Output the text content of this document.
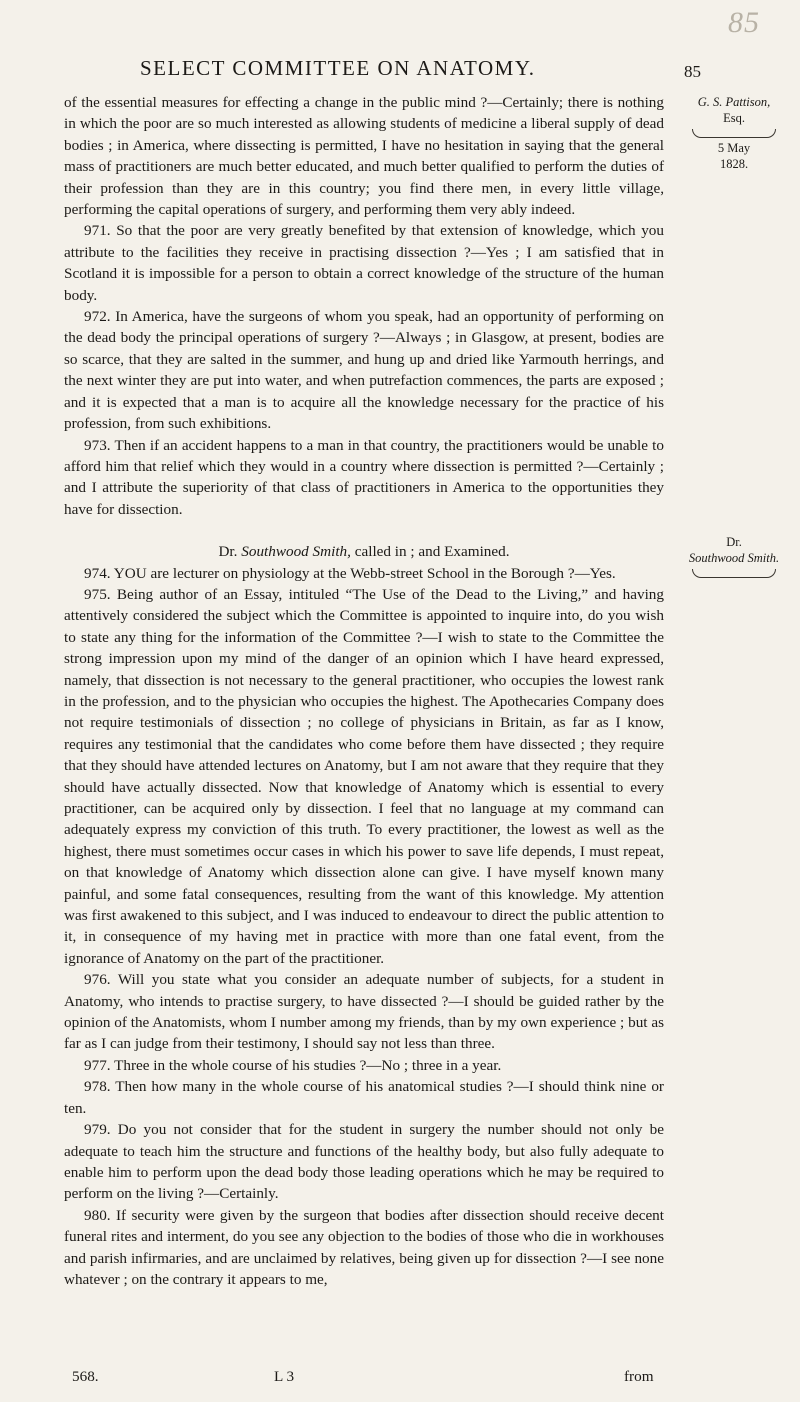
85
SELECT COMMITTEE ON ANATOMY.	85
G. S. Pattison,
Esq.
5 May
1828.
Dr.
Southwood Smith.

of the essential measures for effecting a change in the public mind ?—Certainly; there is nothing in which the poor are so much interested as allowing students of medicine a liberal supply of dead bodies ; in America, where dissecting is permitted, I have no hesitation in saying that the general mass of practitioners are much better educated, and much better qualified to perform the duties of their profession than they are in this country; you find there men, in every little village, performing the capital operations of surgery, and performing them very ably indeed.

971. So that the poor are very greatly benefited by that extension of knowledge, which you attribute to the facilities they receive in practising dissection ?—Yes ; I am satisfied that in Scotland it is impossible for a person to obtain a correct knowledge of the structure of the human body.

972. In America, have the surgeons of whom you speak, had an opportunity of performing on the dead body the principal operations of surgery ?—Always ; in Glasgow, at present, bodies are so scarce, that they are salted in the summer, and hung up and dried like Yarmouth herrings, and the next winter they are put into water, and when putrefaction commences, the parts are exposed ; and it is expected that a man is to acquire all the knowledge necessary for the practice of his profession, from such exhibitions.

973. Then if an accident happens to a man in that country, the practitioners would be unable to afford him that relief which they would in a country where dissection is permitted ?—Certainly ; and I attribute the superiority of that class of practitioners in America to the opportunities they have for dissection.

Dr. Southwood Smith, called in ; and Examined.

974. YOU are lecturer on physiology at the Webb-street School in the Borough ?—Yes.

975. Being author of an Essay, intituled “The Use of the Dead to the Living,” and having attentively considered the subject which the Committee is appointed to inquire into, do you wish to state any thing for the information of the Committee ?—I wish to state to the Committee the strong impression upon my mind of the danger of an opinion which I have heard expressed, namely, that dissection is not necessary to the general practitioner, who occupies the lowest rank in the profession, and to the physician who occupies the highest. The Apothecaries Company does not require testimonials of dissection ; no college of physicians in Britain, as far as I know, requires any testimonial that the candidates who come before them have dissected ; they require that they should have attended lectures on Anatomy, but I am not aware that they require that they should have actually dissected. Now that knowledge of Anatomy which is essential to every practitioner, can be acquired only by dissection. I feel that no language at my command can adequately express my conviction of this truth. To every practitioner, the lowest as well as the highest, there must sometimes occur cases in which his power to save life depends, I must repeat, on that knowledge of Anatomy which dissection alone can give. I have myself known many painful, and some fatal consequences, resulting from the want of this knowledge. My attention was first awakened to this subject, and I was induced to endeavour to direct the public attention to it, in consequence of my having met in practice with more than one fatal event, from the ignorance of Anatomy on the part of the practitioner.

976. Will you state what you consider an adequate number of subjects, for a student in Anatomy, who intends to practise surgery, to have dissected ?—I should be guided rather by the opinion of the Anatomists, whom I number among my friends, than by my own experience ; but as far as I can judge from their testimony, I should say not less than three.

977. Three in the whole course of his studies ?—No ; three in a year.

978. Then how many in the whole course of his anatomical studies ?—I should think nine or ten.

979. Do you not consider that for the student in surgery the number should not only be adequate to teach him the structure and functions of the healthy body, but also fully adequate to enable him to perform upon the dead body those leading operations which he may be required to perform on the living ?—Certainly.

980. If security were given by the surgeon that bodies after dissection should receive decent funeral rites and interment, do you see any objection to the bodies of those who die in workhouses and parish infirmaries, and are unclaimed by relatives, being given up for dissection ?—I see none whatever ; on the contrary it appears to me,

568.	L 3	from
